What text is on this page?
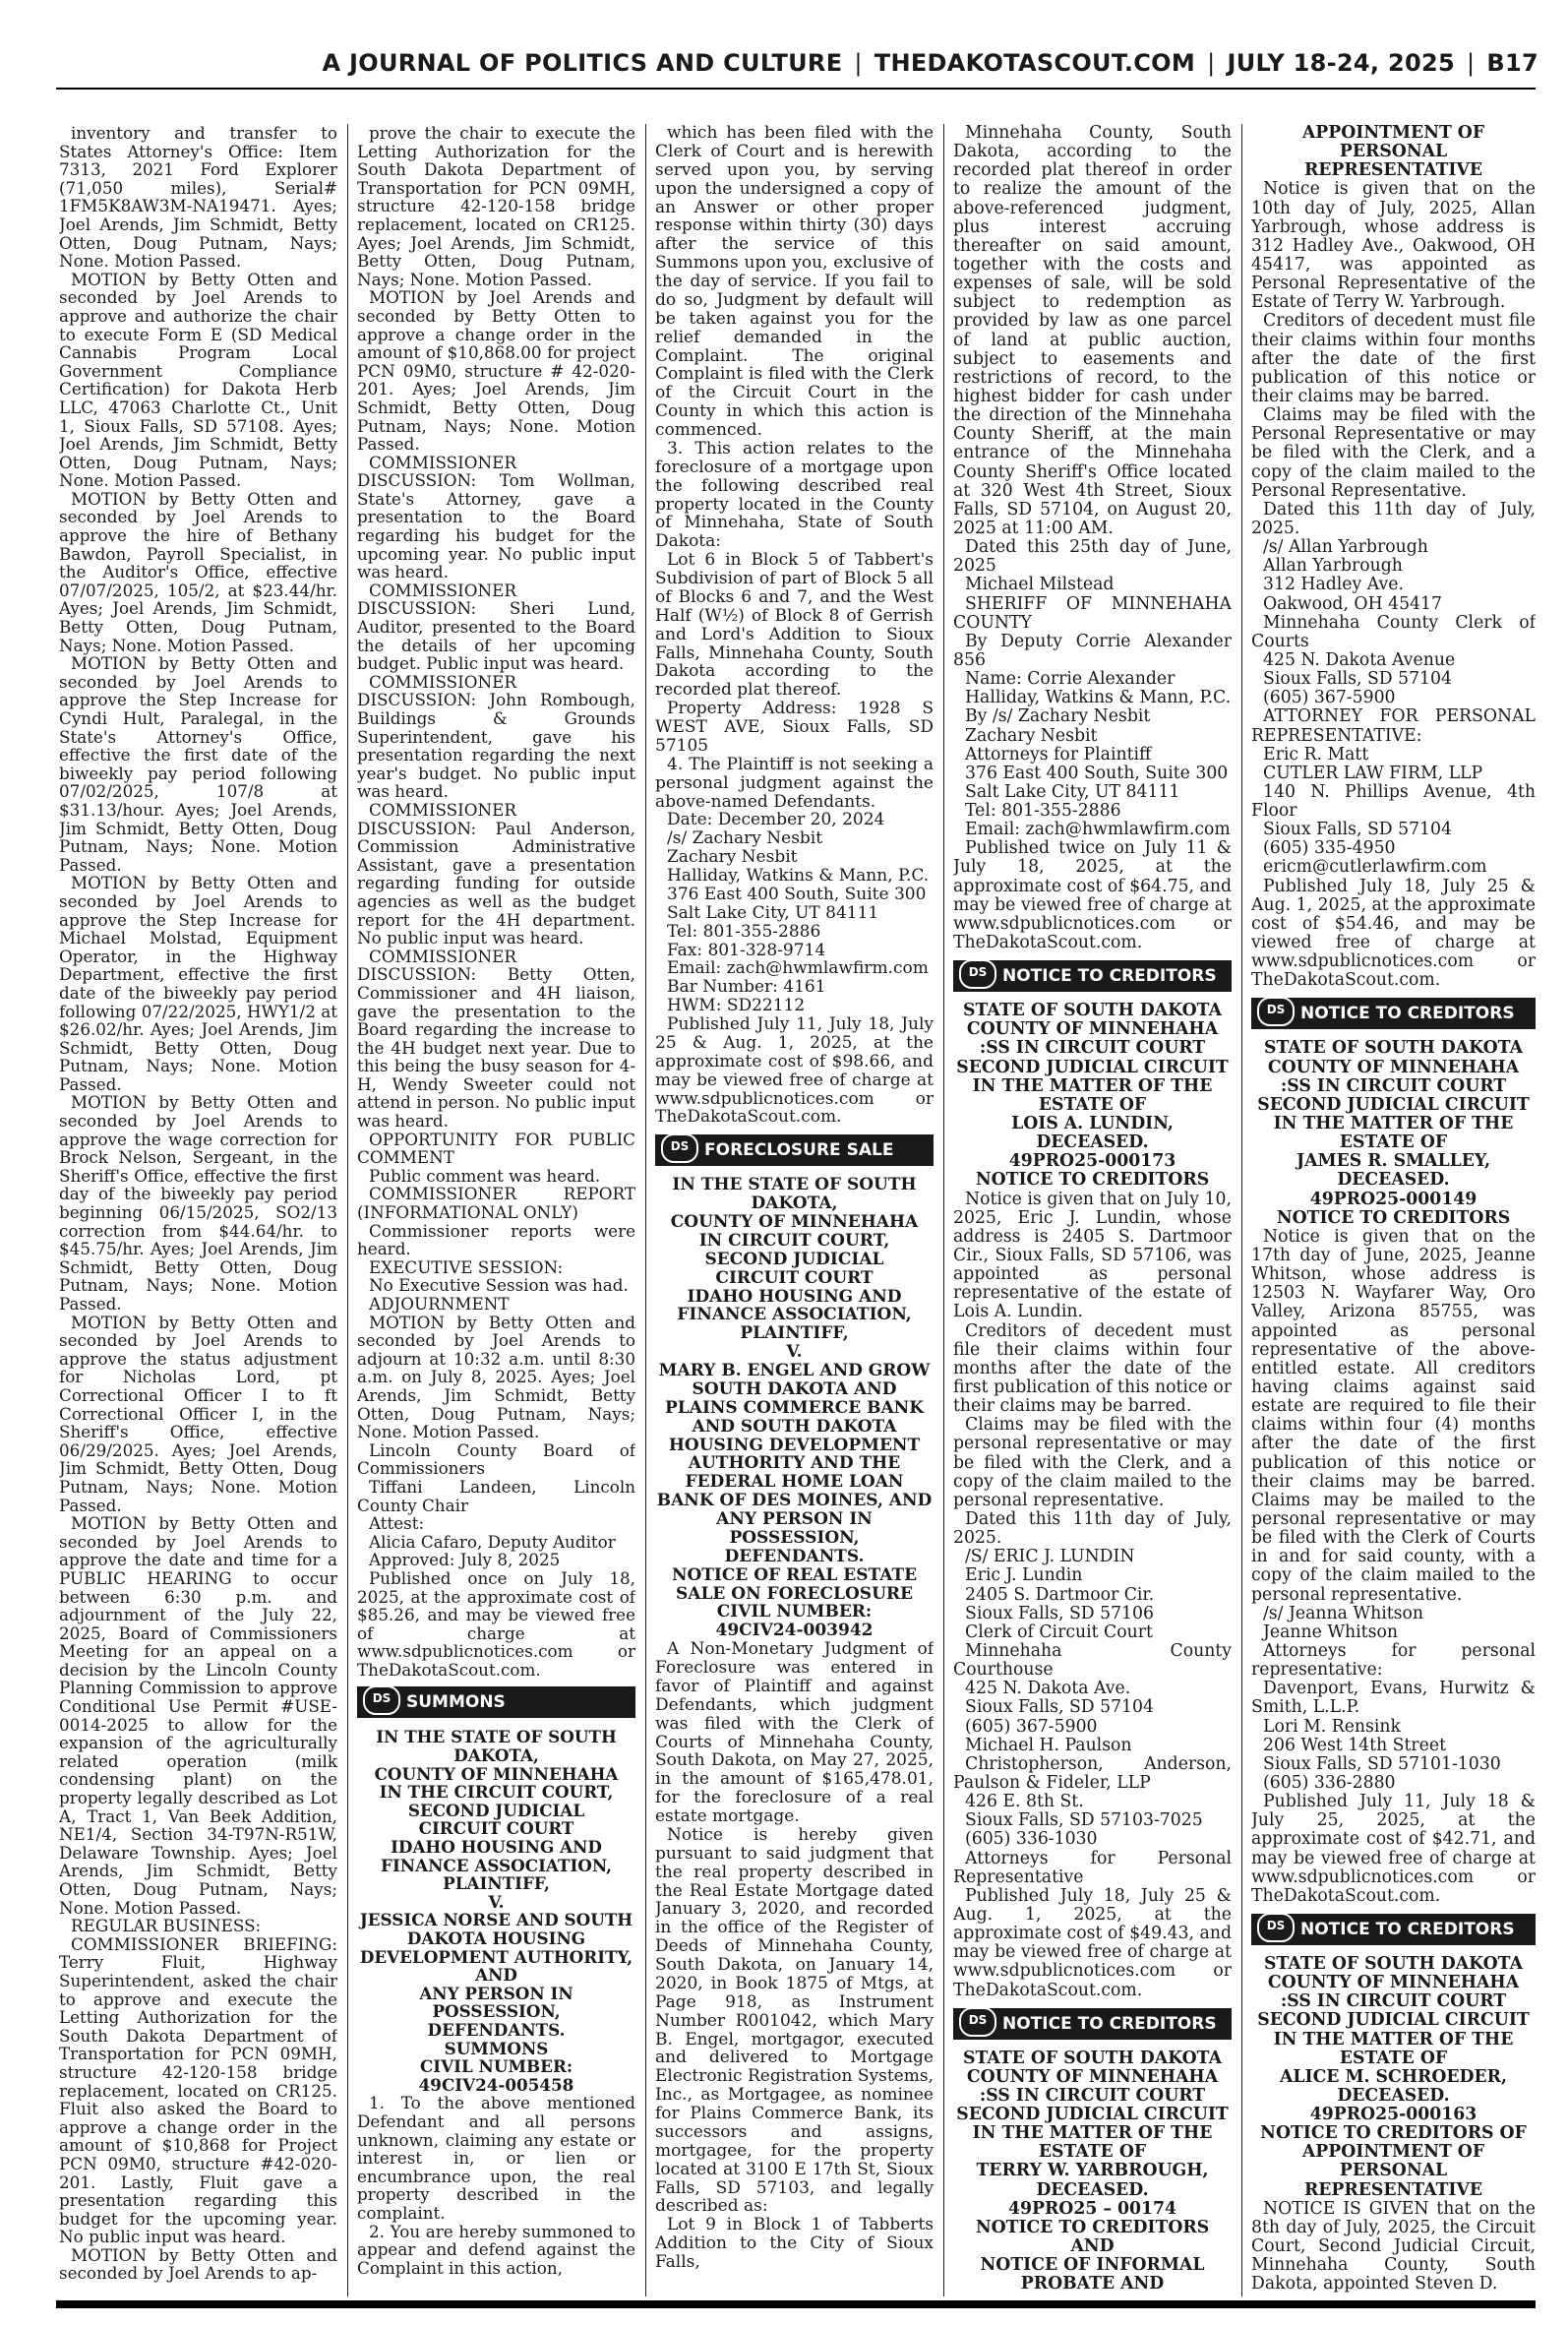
A JOURNAL OF POLITICS AND CULTURE | THEDAKOTASCOUT.COM | JULY 18-24, 2025 | B17

inventory and transfer to States Attorney's Office: Item 7313, 2021 Ford Explorer (71,050 miles), Serial# 1FM5K8AW3M-NA19471. Ayes; Joel Arends, Jim Schmidt, Betty Otten, Doug Putnam, Nays; None. Motion Passed.

MOTION by Betty Otten and seconded by Joel Arends to approve and authorize the chair to execute Form E (SD Medical Cannabis Program Local Government Compliance Certification) for Dakota Herb LLC, 47063 Charlotte Ct., Unit 1, Sioux Falls, SD 57108. Ayes; Joel Arends, Jim Schmidt, Betty Otten, Doug Putnam, Nays; None. Motion Passed.

MOTION by Betty Otten and seconded by Joel Arends to approve the hire of Bethany Bawdon, Payroll Specialist, in the Auditor's Office, effective 07/07/2025, 105/2, at $23.44/hr. Ayes; Joel Arends, Jim Schmidt, Betty Otten, Doug Putnam, Nays; None. Motion Passed.

MOTION by Betty Otten and seconded by Joel Arends to approve the Step Increase for Cyndi Hult, Paralegal, in the State's Attorney's Office, effective the first date of the biweekly pay period following 07/02/2025, 107/8 at $31.13/hour. Ayes; Joel Arends, Jim Schmidt, Betty Otten, Doug Putnam, Nays; None. Motion Passed.

MOTION by Betty Otten and seconded by Joel Arends to approve the Step Increase for Michael Molstad, Equipment Operator, in the Highway Department, effective the first date of the biweekly pay period following 07/22/2025, HWY1/2 at $26.02/hr. Ayes; Joel Arends, Jim Schmidt, Betty Otten, Doug Putnam, Nays; None. Motion Passed.

MOTION by Betty Otten and seconded by Joel Arends to approve the wage correction for Brock Nelson, Sergeant, in the Sheriff's Office, effective the first day of the biweekly pay period beginning 06/15/2025, SO2/13 correction from $44.64/hr. to $45.75/hr. Ayes; Joel Arends, Jim Schmidt, Betty Otten, Doug Putnam, Nays; None. Motion Passed.

MOTION by Betty Otten and seconded by Joel Arends to approve the status adjustment for Nicholas Lord, pt Correctional Officer I to ft Correctional Officer I, in the Sheriff's Office, effective 06/29/2025. Ayes; Joel Arends, Jim Schmidt, Betty Otten, Doug Putnam, Nays; None. Motion Passed.

MOTION by Betty Otten and seconded by Joel Arends to approve the date and time for a PUBLIC HEARING to occur between 6:30 p.m. and adjournment of the July 22, 2025, Board of Commissioners Meeting for an appeal on a decision by the Lincoln County Planning Commission to approve Conditional Use Permit #USE-0014-2025 to allow for the expansion of the agriculturally related operation (milk condensing plant) on the property legally described as Lot A, Tract 1, Van Beek Addition, NE1/4, Section 34-T97N-R51W, Delaware Township. Ayes; Joel Arends, Jim Schmidt, Betty Otten, Doug Putnam, Nays; None. Motion Passed.

REGULAR BUSINESS:

COMMISSIONER BRIEFING: Terry Fluit, Highway Superintendent, asked the chair to approve and execute the Letting Authorization for the South Dakota Department of Transportation for PCN 09MH, structure 42-120-158 bridge replacement, located on CR125. Fluit also asked the Board to approve a change order in the amount of $10,868 for Project PCN 09M0, structure #42-020-201. Lastly, Fluit gave a presentation regarding this budget for the upcoming year. No public input was heard.

MOTION by Betty Otten and seconded by Joel Arends to ap-

prove the chair to execute the Letting Authorization for the South Dakota Department of Transportation for PCN 09MH, structure 42-120-158 bridge replacement, located on CR125. Ayes; Joel Arends, Jim Schmidt, Betty Otten, Doug Putnam, Nays; None. Motion Passed.

MOTION by Joel Arends and seconded by Betty Otten to approve a change order in the amount of $10,868.00 for project PCN 09M0, structure # 42-020-201. Ayes; Joel Arends, Jim Schmidt, Betty Otten, Doug Putnam, Nays; None. Motion Passed.

COMMISSIONER DISCUSSION: Tom Wollman, State's Attorney, gave a presentation to the Board regarding his budget for the upcoming year. No public input was heard.

COMMISSIONER DISCUSSION: Sheri Lund, Auditor, presented to the Board the details of her upcoming budget. Public input was heard.

COMMISSIONER DISCUSSION: John Rombough, Buildings & Grounds Superintendent, gave his presentation regarding the next year's budget. No public input was heard.

COMMISSIONER DISCUSSION: Paul Anderson, Commission Administrative Assistant, gave a presentation regarding funding for outside agencies as well as the budget report for the 4H department. No public input was heard.

COMMISSIONER DISCUSSION: Betty Otten, Commissioner and 4H liaison, gave the presentation to the Board regarding the increase to the 4H budget next year. Due to this being the busy season for 4-H, Wendy Sweeter could not attend in person. No public input was heard.

OPPORTUNITY FOR PUBLIC COMMENT

Public comment was heard.

COMMISSIONER REPORT (INFORMATIONAL ONLY)

Commissioner reports were heard.

EXECUTIVE SESSION:

No Executive Session was had.

ADJOURNMENT

MOTION by Betty Otten and seconded by Joel Arends to adjourn at 10:32 a.m. until 8:30 a.m. on July 8, 2025. Ayes; Joel Arends, Jim Schmidt, Betty Otten, Doug Putnam, Nays; None. Motion Passed.

Lincoln County Board of Commissioners

Tiffani Landeen, Lincoln County Chair

Attest:

Alicia Cafaro, Deputy Auditor

Approved: July 8, 2025

Published once on July 18, 2025, at the approximate cost of $85.26, and may be viewed free of charge at www.sdpublicnotices.com or TheDakotaScout.com.

DS SUMMONS

IN THE STATE OF SOUTH DAKOTA,

COUNTY OF MINNEHAHA

IN THE CIRCUIT COURT,

SECOND JUDICIAL

CIRCUIT COURT

IDAHO HOUSING AND FINANCE ASSOCIATION,

PLAINTIFF,

V.

JESSICA NORSE AND SOUTH DAKOTA HOUSING DEVELOPMENT AUTHORITY, AND

ANY PERSON IN POSSESSION,

DEFENDANTS.

SUMMONS

CIVIL NUMBER:

49CIV24-005458

1. To the above mentioned Defendant and all persons unknown, claiming any estate or interest in, or lien or encumbrance upon, the real property described in the complaint.

2. You are hereby summoned to appear and defend against the Complaint in this action,

which has been filed with the Clerk of Court and is herewith served upon you, by serving upon the undersigned a copy of an Answer or other proper response within thirty (30) days after the service of this Summons upon you, exclusive of the day of service. If you fail to do so, Judgment by default will be taken against you for the relief demanded in the Complaint. The original Complaint is filed with the Clerk of the Circuit Court in the County in which this action is commenced.

3. This action relates to the foreclosure of a mortgage upon the following described real property located in the County of Minnehaha, State of South Dakota:

Lot 6 in Block 5 of Tabbert's Subdivision of part of Block 5 all of Blocks 6 and 7, and the West Half (W½) of Block 8 of Gerrish and Lord's Addition to Sioux Falls, Minnehaha County, South Dakota according to the recorded plat thereof.

Property Address: 1928 S WEST AVE, Sioux Falls, SD 57105

4. The Plaintiff is not seeking a personal judgment against the above-named Defendants.

Date: December 20, 2024

/s/ Zachary Nesbit

Zachary Nesbit

Halliday, Watkins & Mann, P.C.

376 East 400 South, Suite 300

Salt Lake City, UT 84111

Tel: 801-355-2886

Fax: 801-328-9714

Email: zach@hwmlawfirm.com

Bar Number: 4161

HWM: SD22112

Published July 11, July 18, July 25 & Aug. 1, 2025, at the approximate cost of $98.66, and may be viewed free of charge at www.sdpublicnotices.com or TheDakotaScout.com.

DS FORECLOSURE SALE

IN THE STATE OF SOUTH DAKOTA,

COUNTY OF MINNEHAHA

IN CIRCUIT COURT,

SECOND JUDICIAL

CIRCUIT COURT

IDAHO HOUSING AND FINANCE ASSOCIATION,

PLAINTIFF,

V.

MARY B. ENGEL AND GROW SOUTH DAKOTA AND PLAINS COMMERCE BANK AND SOUTH DAKOTA HOUSING DEVELOPMENT AUTHORITY AND THE FEDERAL HOME LOAN BANK OF DES MOINES, AND

ANY PERSON IN POSSESSION,

DEFENDANTS.

NOTICE OF REAL ESTATE SALE ON FORECLOSURE

CIVIL NUMBER:

49CIV24-003942

A Non-Monetary Judgment of Foreclosure was entered in favor of Plaintiff and against Defendants, which judgment was filed with the Clerk of Courts of Minnehaha County, South Dakota, on May 27, 2025, in the amount of $165,478.01, for the foreclosure of a real estate mortgage.

Notice is hereby given pursuant to said judgment that the real property described in the Real Estate Mortgage dated January 3, 2020, and recorded in the office of the Register of Deeds of Minnehaha County, South Dakota, on January 14, 2020, in Book 1875 of Mtgs, at Page 918, as Instrument Number R001042, which Mary B. Engel, mortgagor, executed and delivered to Mortgage Electronic Registration Systems, Inc., as Mortgagee, as nominee for Plains Commerce Bank, its successors and assigns, mortgagee, for the property located at 3100 E 17th St, Sioux Falls, SD 57103, and legally described as:

Lot 9 in Block 1 of Tabberts Addition to the City of Sioux Falls,

Minnehaha County, South Dakota, according to the recorded plat thereof in order to realize the amount of the above-referenced judgment, plus interest accruing thereafter on said amount, together with the costs and expenses of sale, will be sold subject to redemption as provided by law as one parcel of land at public auction, subject to easements and restrictions of record, to the highest bidder for cash under the direction of the Minnehaha County Sheriff, at the main entrance of the Minnehaha County Sheriff's Office located at 320 West 4th Street, Sioux Falls, SD 57104, on August 20, 2025 at 11:00 AM.

Dated this 25th day of June, 2025

Michael Milstead

SHERIFF OF MINNEHAHA COUNTY

By Deputy Corrie Alexander 856

Name: Corrie Alexander

Halliday, Watkins & Mann, P.C.

By /s/ Zachary Nesbit

Zachary Nesbit

Attorneys for Plaintiff

376 East 400 South, Suite 300

Salt Lake City, UT 84111

Tel: 801-355-2886

Email: zach@hwmlawfirm.com

Published twice on July 11 & July 18, 2025, at the approximate cost of $64.75, and may be viewed free of charge at www.sdpublicnotices.com or TheDakotaScout.com.

DS NOTICE TO CREDITORS

STATE OF SOUTH DAKOTA

COUNTY OF MINNEHAHA

:SS IN CIRCUIT COURT

SECOND JUDICIAL CIRCUIT

IN THE MATTER OF THE ESTATE OF

LOIS A. LUNDIN,

DECEASED.

49PRO25-000173

NOTICE TO CREDITORS

Notice is given that on July 10, 2025, Eric J. Lundin, whose address is 2405 S. Dartmoor Cir., Sioux Falls, SD 57106, was appointed as personal representative of the estate of Lois A. Lundin.

Creditors of decedent must file their claims within four months after the date of the first publication of this notice or their claims may be barred.

Claims may be filed with the personal representative or may be filed with the Clerk, and a copy of the claim mailed to the personal representative.

Dated this 11th day of July, 2025.

/S/ ERIC J. LUNDIN

Eric J. Lundin

2405 S. Dartmoor Cir.

Sioux Falls, SD 57106

Clerk of Circuit Court

Minnehaha County Courthouse

425 N. Dakota Ave.

Sioux Falls, SD 57104

(605) 367-5900

Michael H. Paulson

Christopherson, Anderson, Paulson & Fideler, LLP

426 E. 8th St.

Sioux Falls, SD 57103-7025

(605) 336-1030

Attorneys for Personal Representative

Published July 18, July 25 & Aug. 1, 2025, at the approximate cost of $49.43, and may be viewed free of charge at www.sdpublicnotices.com or TheDakotaScout.com.

DS NOTICE TO CREDITORS

STATE OF SOUTH DAKOTA

COUNTY OF MINNEHAHA

:SS IN CIRCUIT COURT

SECOND JUDICIAL CIRCUIT

IN THE MATTER OF THE ESTATE OF

TERRY W. YARBROUGH,

DECEASED.

49PRO25 – 00174

NOTICE TO CREDITORS AND

NOTICE OF INFORMAL PROBATE AND

APPOINTMENT OF PERSONAL REPRESENTATIVE

Notice is given that on the 10th day of July, 2025, Allan Yarbrough, whose address is 312 Hadley Ave., Oakwood, OH 45417, was appointed as Personal Representative of the Estate of Terry W. Yarbrough.

Creditors of decedent must file their claims within four months after the date of the first publication of this notice or their claims may be barred.

Claims may be filed with the Personal Representative or may be filed with the Clerk, and a copy of the claim mailed to the Personal Representative.

Dated this 11th day of July, 2025.

/s/ Allan Yarbrough

Allan Yarbrough

312 Hadley Ave.

Oakwood, OH 45417

Minnehaha County Clerk of Courts

425 N. Dakota Avenue

Sioux Falls, SD 57104

(605) 367-5900

ATTORNEY FOR PERSONAL REPRESENTATIVE:

Eric R. Matt

CUTLER LAW FIRM, LLP

140 N. Phillips Avenue, 4th Floor

Sioux Falls, SD 57104

(605) 335-4950

ericm@cutlerlawfirm.com

Published July 18, July 25 & Aug. 1, 2025, at the approximate cost of $54.46, and may be viewed free of charge at www.sdpublicnotices.com or TheDakotaScout.com.

DS NOTICE TO CREDITORS

STATE OF SOUTH DAKOTA

COUNTY OF MINNEHAHA

:SS IN CIRCUIT COURT

SECOND JUDICIAL CIRCUIT

IN THE MATTER OF THE ESTATE OF

JAMES R. SMALLEY,

DECEASED.

49PRO25-000149

NOTICE TO CREDITORS

Notice is given that on the 17th day of June, 2025, Jeanne Whitson, whose address is 12503 N. Wayfarer Way, Oro Valley, Arizona 85755, was appointed as personal representative of the above-entitled estate. All creditors having claims against said estate are required to file their claims within four (4) months after the date of the first publication of this notice or their claims may be barred. Claims may be mailed to the personal representative or may be filed with the Clerk of Courts in and for said county, with a copy of the claim mailed to the personal representative.

/s/ Jeanna Whitson

Jeanne Whitson

Attorneys for personal representative:

Davenport, Evans, Hurwitz & Smith, L.L.P.

Lori M. Rensink

206 West 14th Street

Sioux Falls, SD 57101-1030

(605) 336-2880

Published July 11, July 18 & July 25, 2025, at the approximate cost of $42.71, and may be viewed free of charge at www.sdpublicnotices.com or TheDakotaScout.com.

DS NOTICE TO CREDITORS

STATE OF SOUTH DAKOTA

COUNTY OF MINNEHAHA

:SS IN CIRCUIT COURT

SECOND JUDICIAL CIRCUIT

IN THE MATTER OF THE ESTATE OF

ALICE M. SCHROEDER,

DECEASED.

49PRO25-000163

NOTICE TO CREDITORS OF APPOINTMENT OF PERSONAL REPRESENTATIVE

NOTICE IS GIVEN that on the 8th day of July, 2025, the Circuit Court, Second Judicial Circuit, Minnehaha County, South Dakota, appointed Steven D.
